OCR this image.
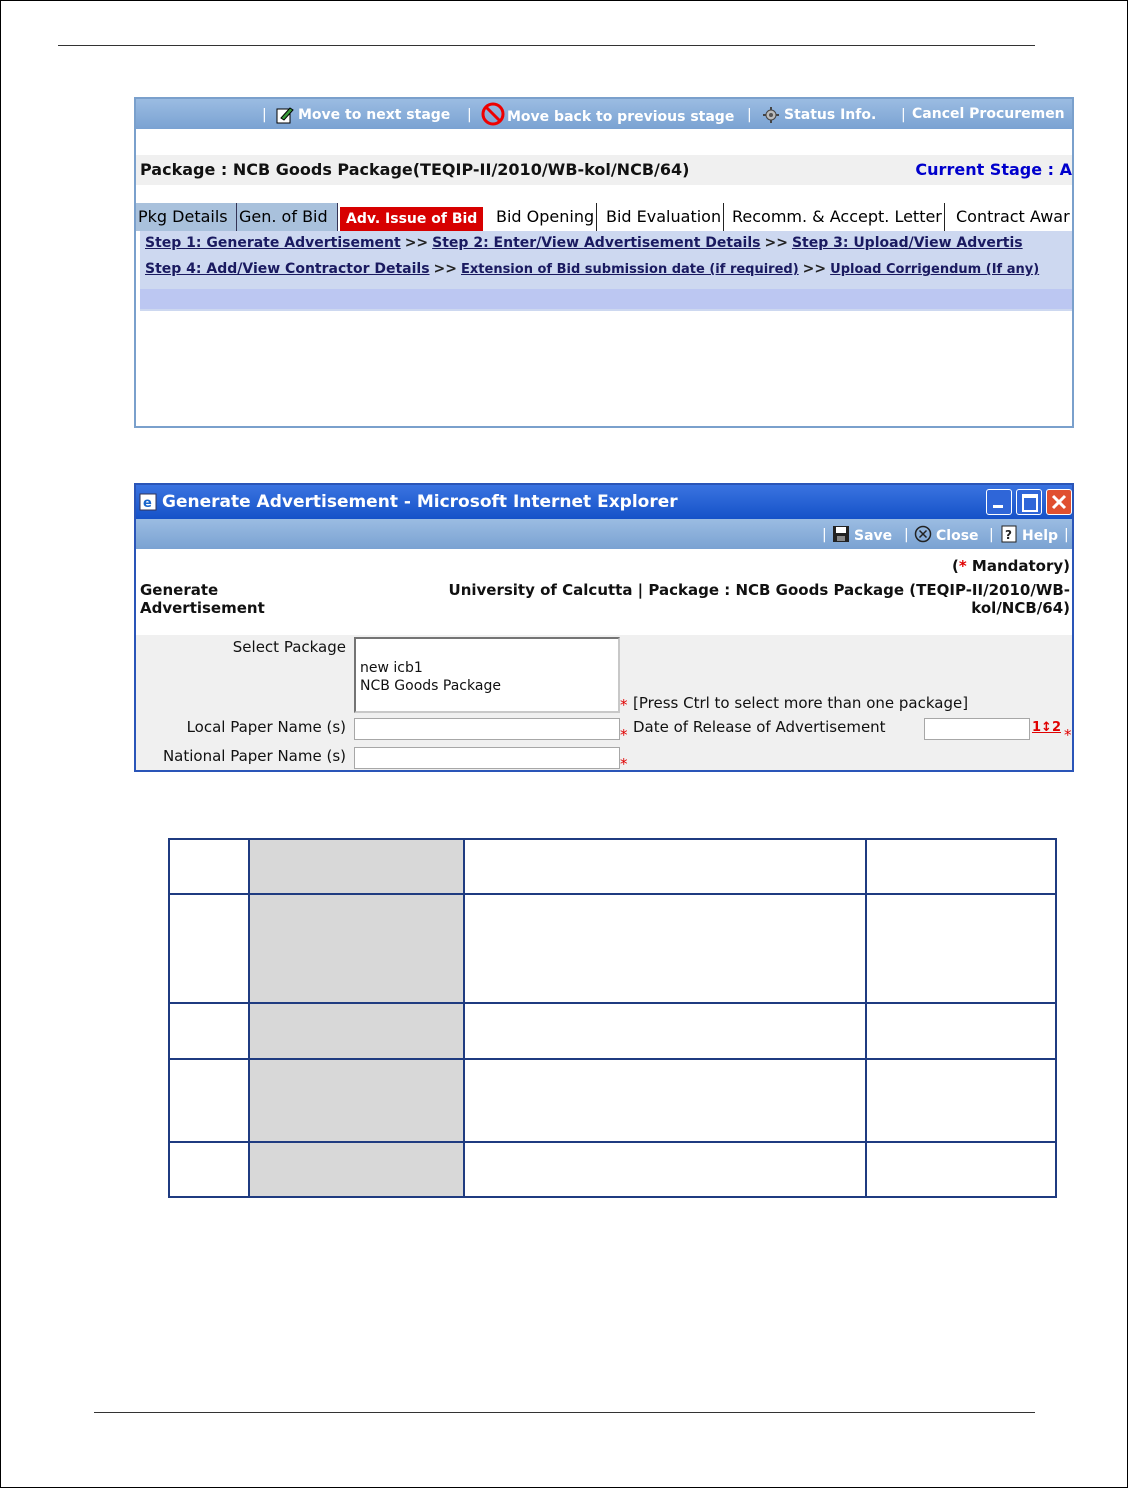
| Move to next stage |	Move back to previous stage | Status Info. | Cancel Procuremen
Package : NCB Goods Package(TEQIP-II/2010/WB-kol/NCB/64)	Current Stage : A
Pkg Details Gen. of Bid	Adv. Issue of Bid	Bid Opening Bid Evaluation Recomm. & Accept. Letter Contract Awar
Step 1: Generate Advertisement >> Step 2: Enter/View Advertisement Details >> Step 3: Upload/View Advertis
Step 4: Add/View Contractor Details >> Extension of Bid submission date (if required) >> Upload Corrigendum (If any)
e Generate Advertisement - Microsoft Internet Explorer
| Save | Close | ? Help |
(* Mandatory)
Generate
Advertisement
University of Calcutta | Package : NCB Goods Package (TEQIP-II/2010/WB-
kol/NCB/64)
Select Package
new icb1
NCB Goods Package
* [Press Ctrl to select more than one package]
Local Paper Name (s)	* Date of Release of Advertisement	1↕2 *
National Paper Name (s)	*
